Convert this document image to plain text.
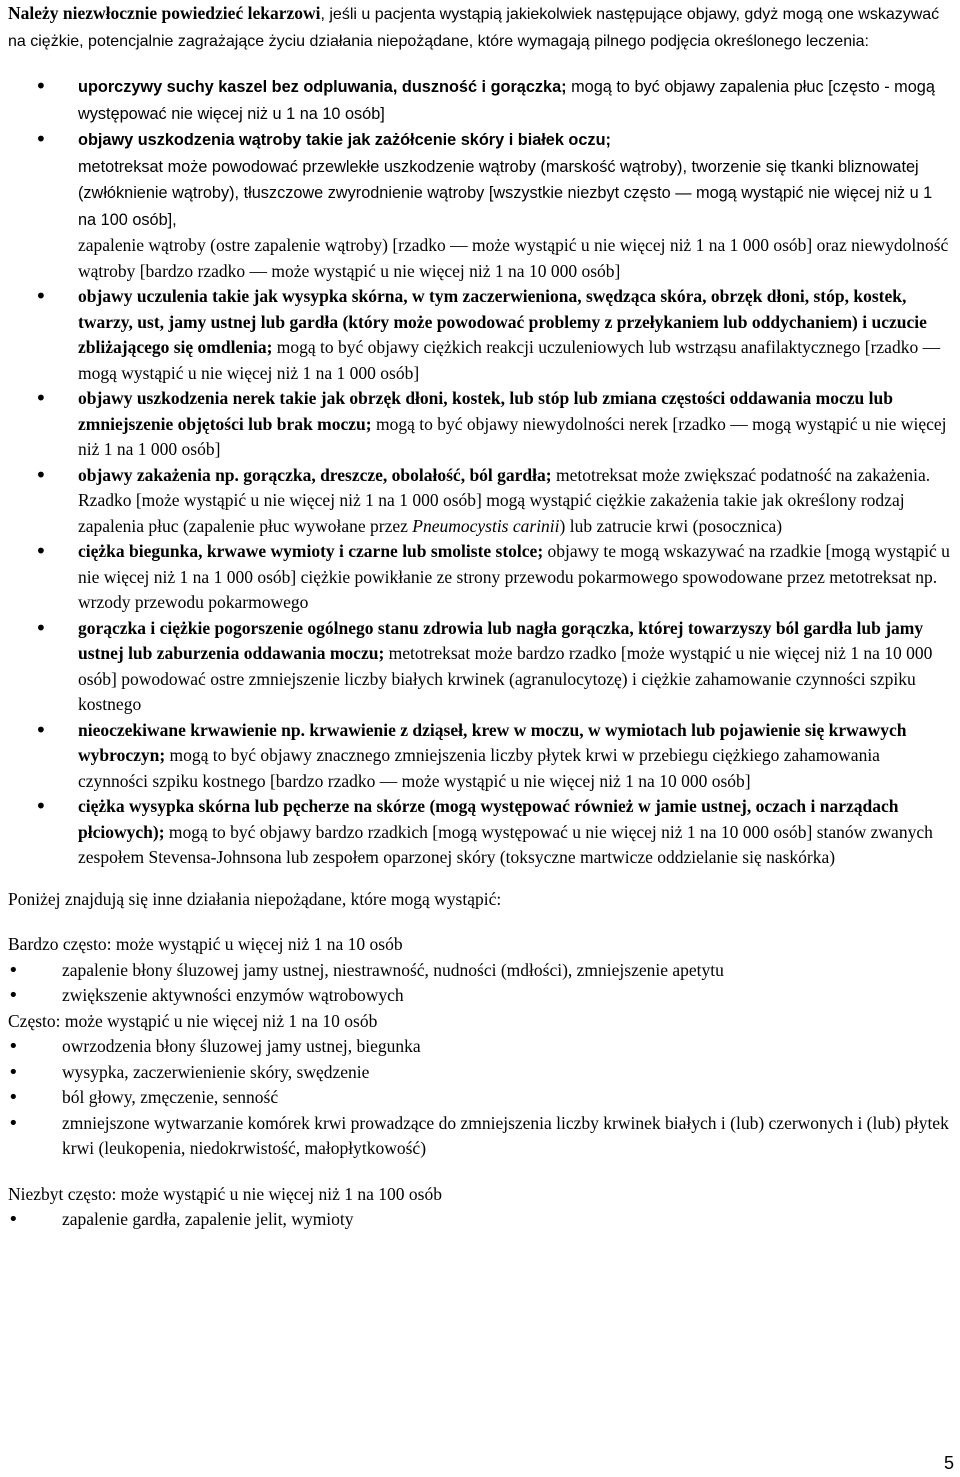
Należy niezwłocznie powiedzieć lekarzowi, jeśli u pacjenta wystąpią jakiekolwiek następujące objawy, gdyż mogą one wskazywać na ciężkie, potencjalnie zagrażające życiu działania niepożądane, które wymagają pilnego podjęcia określonego leczenia:

• uporczywy suchy kaszel bez odpluwania, duszność i gorączka; mogą to być objawy zapalenia płuc [często - mogą występować nie więcej niż u 1 na 10 osób]
• objawy uszkodzenia wątroby takie jak zażółcenie skóry i białek oczu;
metotreksat może powodować przewlekłe uszkodzenie wątroby (marskość wątroby), tworzenie się tkanki bliznowatej (zwłóknienie wątroby), tłuszczowe zwyrodnienie wątroby [wszystkie niezbyt często — mogą wystąpić nie więcej niż u 1 na 100 osób],
zapalenie wątroby (ostre zapalenie wątroby) [rzadko — może wystąpić u nie więcej niż 1 na 1 000 osób] oraz niewydolność wątroby [bardzo rzadko — może wystąpić u nie więcej niż 1 na 10 000 osób]
• objawy uczulenia takie jak wysypka skórna, w tym zaczerwieniona, swędząca skóra, obrzęk dłoni, stóp, kostek, twarzy, ust, jamy ustnej lub gardła (który może powodować problemy z przełykaniem lub oddychaniem) i uczucie zbliżającego się omdlenia; mogą to być objawy ciężkich reakcji uczuleniowych lub wstrząsu anafilaktycznego [rzadko — mogą wystąpić u nie więcej niż 1 na 1 000 osób]
• objawy uszkodzenia nerek takie jak obrzęk dłoni, kostek, lub stóp lub zmiana częstości oddawania moczu lub zmniejszenie objętości lub brak moczu; mogą to być objawy niewydolności nerek [rzadko — mogą wystąpić u nie więcej niż 1 na 1 000 osób]
• objawy zakażenia np. gorączka, dreszcze, obolałość, ból gardła; metotreksat może zwiększać podatność na zakażenia. Rzadko [może wystąpić u nie więcej niż 1 na 1 000 osób] mogą wystąpić ciężkie zakażenia takie jak określony rodzaj zapalenia płuc (zapalenie płuc wywołane przez Pneumocystis carinii) lub zatrucie krwi (posocznica)
• ciężka biegunka, krwawe wymioty i czarne lub smoliste stolce; objawy te mogą wskazywać na rzadkie [mogą wystąpić u nie więcej niż 1 na 1 000 osób] ciężkie powikłanie ze strony przewodu pokarmowego spowodowane przez metotreksat np. wrzody przewodu pokarmowego
• gorączka i ciężkie pogorszenie ogólnego stanu zdrowia lub nagła gorączka, której towarzyszy ból gardła lub jamy ustnej lub zaburzenia oddawania moczu; metotreksat może bardzo rzadko [może wystąpić u nie więcej niż 1 na 10 000 osób] powodować ostre zmniejszenie liczby białych krwinek (agranulocytozę) i ciężkie zahamowanie czynności szpiku kostnego
• nieoczekiwane krwawienie np. krwawienie z dziąseł, krew w moczu, w wymiotach lub pojawienie się krwawych wybroczyn; mogą to być objawy znacznego zmniejszenia liczby płytek krwi w przebiegu ciężkiego zahamowania czynności szpiku kostnego [bardzo rzadko — może wystąpić u nie więcej niż 1 na 10 000 osób]
• ciężka wysypka skórna lub pęcherze na skórze (mogą występować również w jamie ustnej, oczach i narządach płciowych); mogą to być objawy bardzo rzadkich [mogą występować u nie więcej niż 1 na 10 000 osób] stanów zwanych zespołem Stevensa-Johnsona lub zespołem oparzonej skóry (toksyczne martwicze oddzielanie się naskórka)

Poniżej znajdują się inne działania niepożądane, które mogą wystąpić:

Bardzo często: może wystąpić u więcej niż 1 na 10 osób

• zapalenie błony śluzowej jamy ustnej, niestrawność, nudności (mdłości), zmniejszenie apetytu
• zwiększenie aktywności enzymów wątrobowych

Często: może wystąpić u nie więcej niż 1 na 10 osób

• owrzodzenia błony śluzowej jamy ustnej, biegunka
• wysypka, zaczerwienienie skóry, swędzenie
• ból głowy, zmęczenie, senność
• zmniejszone wytwarzanie komórek krwi prowadzące do zmniejszenia liczby krwinek białych i (lub) czerwonych i (lub) płytek krwi (leukopenia, niedokrwistość, małopłytkowość)

Niezbyt często: może wystąpić u nie więcej niż 1 na 100 osób

• zapalenie gardła, zapalenie jelit, wymioty
5
